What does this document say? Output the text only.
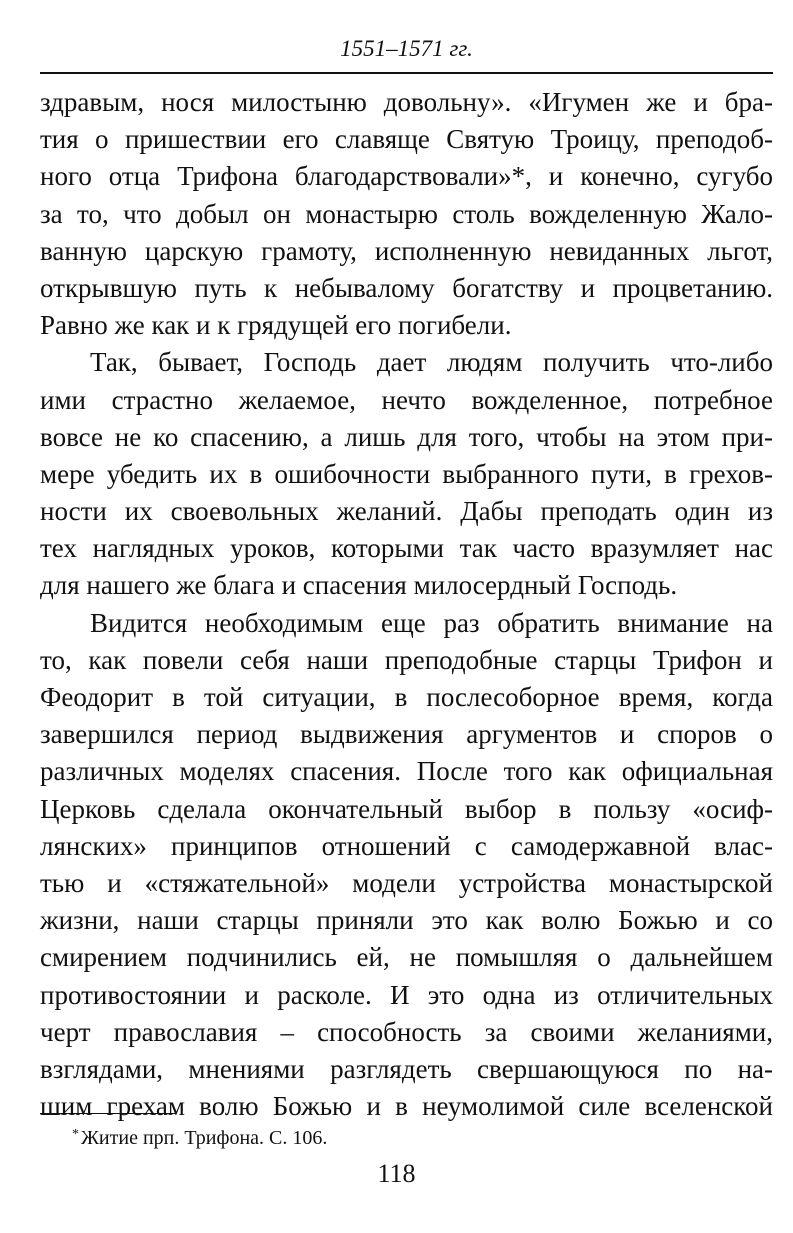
1551–1571 гг.
здравым, нося милостыню довольну». «Игумен же и бра-
тия о пришествии его славяще Святую Троицу, преподоб-
ного отца Трифона благодарствовали»*, и конечно, сугубо
за то, что добыл он монастырю столь вожделенную Жало-
ванную царскую грамоту, исполненную невиданных льгот,
открывшую путь к небывалому богатству и процветанию.
Равно же как и к грядущей его погибели.
Так, бывает, Господь дает людям получить что-либо
ими страстно желаемое, нечто вожделенное, потребное
вовсе не ко спасению, а лишь для того, чтобы на этом при-
мере убедить их в ошибочности выбранного пути, в грехов-
ности их своевольных желаний. Дабы преподать один из
тех наглядных уроков, которыми так часто вразумляет нас
для нашего же блага и спасения милосердный Господь.
Видится необходимым еще раз обратить внимание на
то, как повели себя наши преподобные старцы Трифон и
Феодорит в той ситуации, в послесоборное время, когда
завершился период выдвижения аргументов и споров о
различных моделях спасения. После того как официальная
Церковь сделала окончательный выбор в пользу «осиф-
лянских» принципов отношений с самодержавной влас-
тью и «стяжательной» модели устройства монастырской
жизни, наши старцы приняли это как волю Божью и со
смирением подчинились ей, не помышляя о дальнейшем
противостоянии и расколе. И это одна из отличительных
черт православия – способность за своими желаниями,
взглядами, мнениями разглядеть свершающуюся по на-
шим грехам волю Божью и в неумолимой силе вселенской
* Житие прп. Трифона. С. 106.
118
